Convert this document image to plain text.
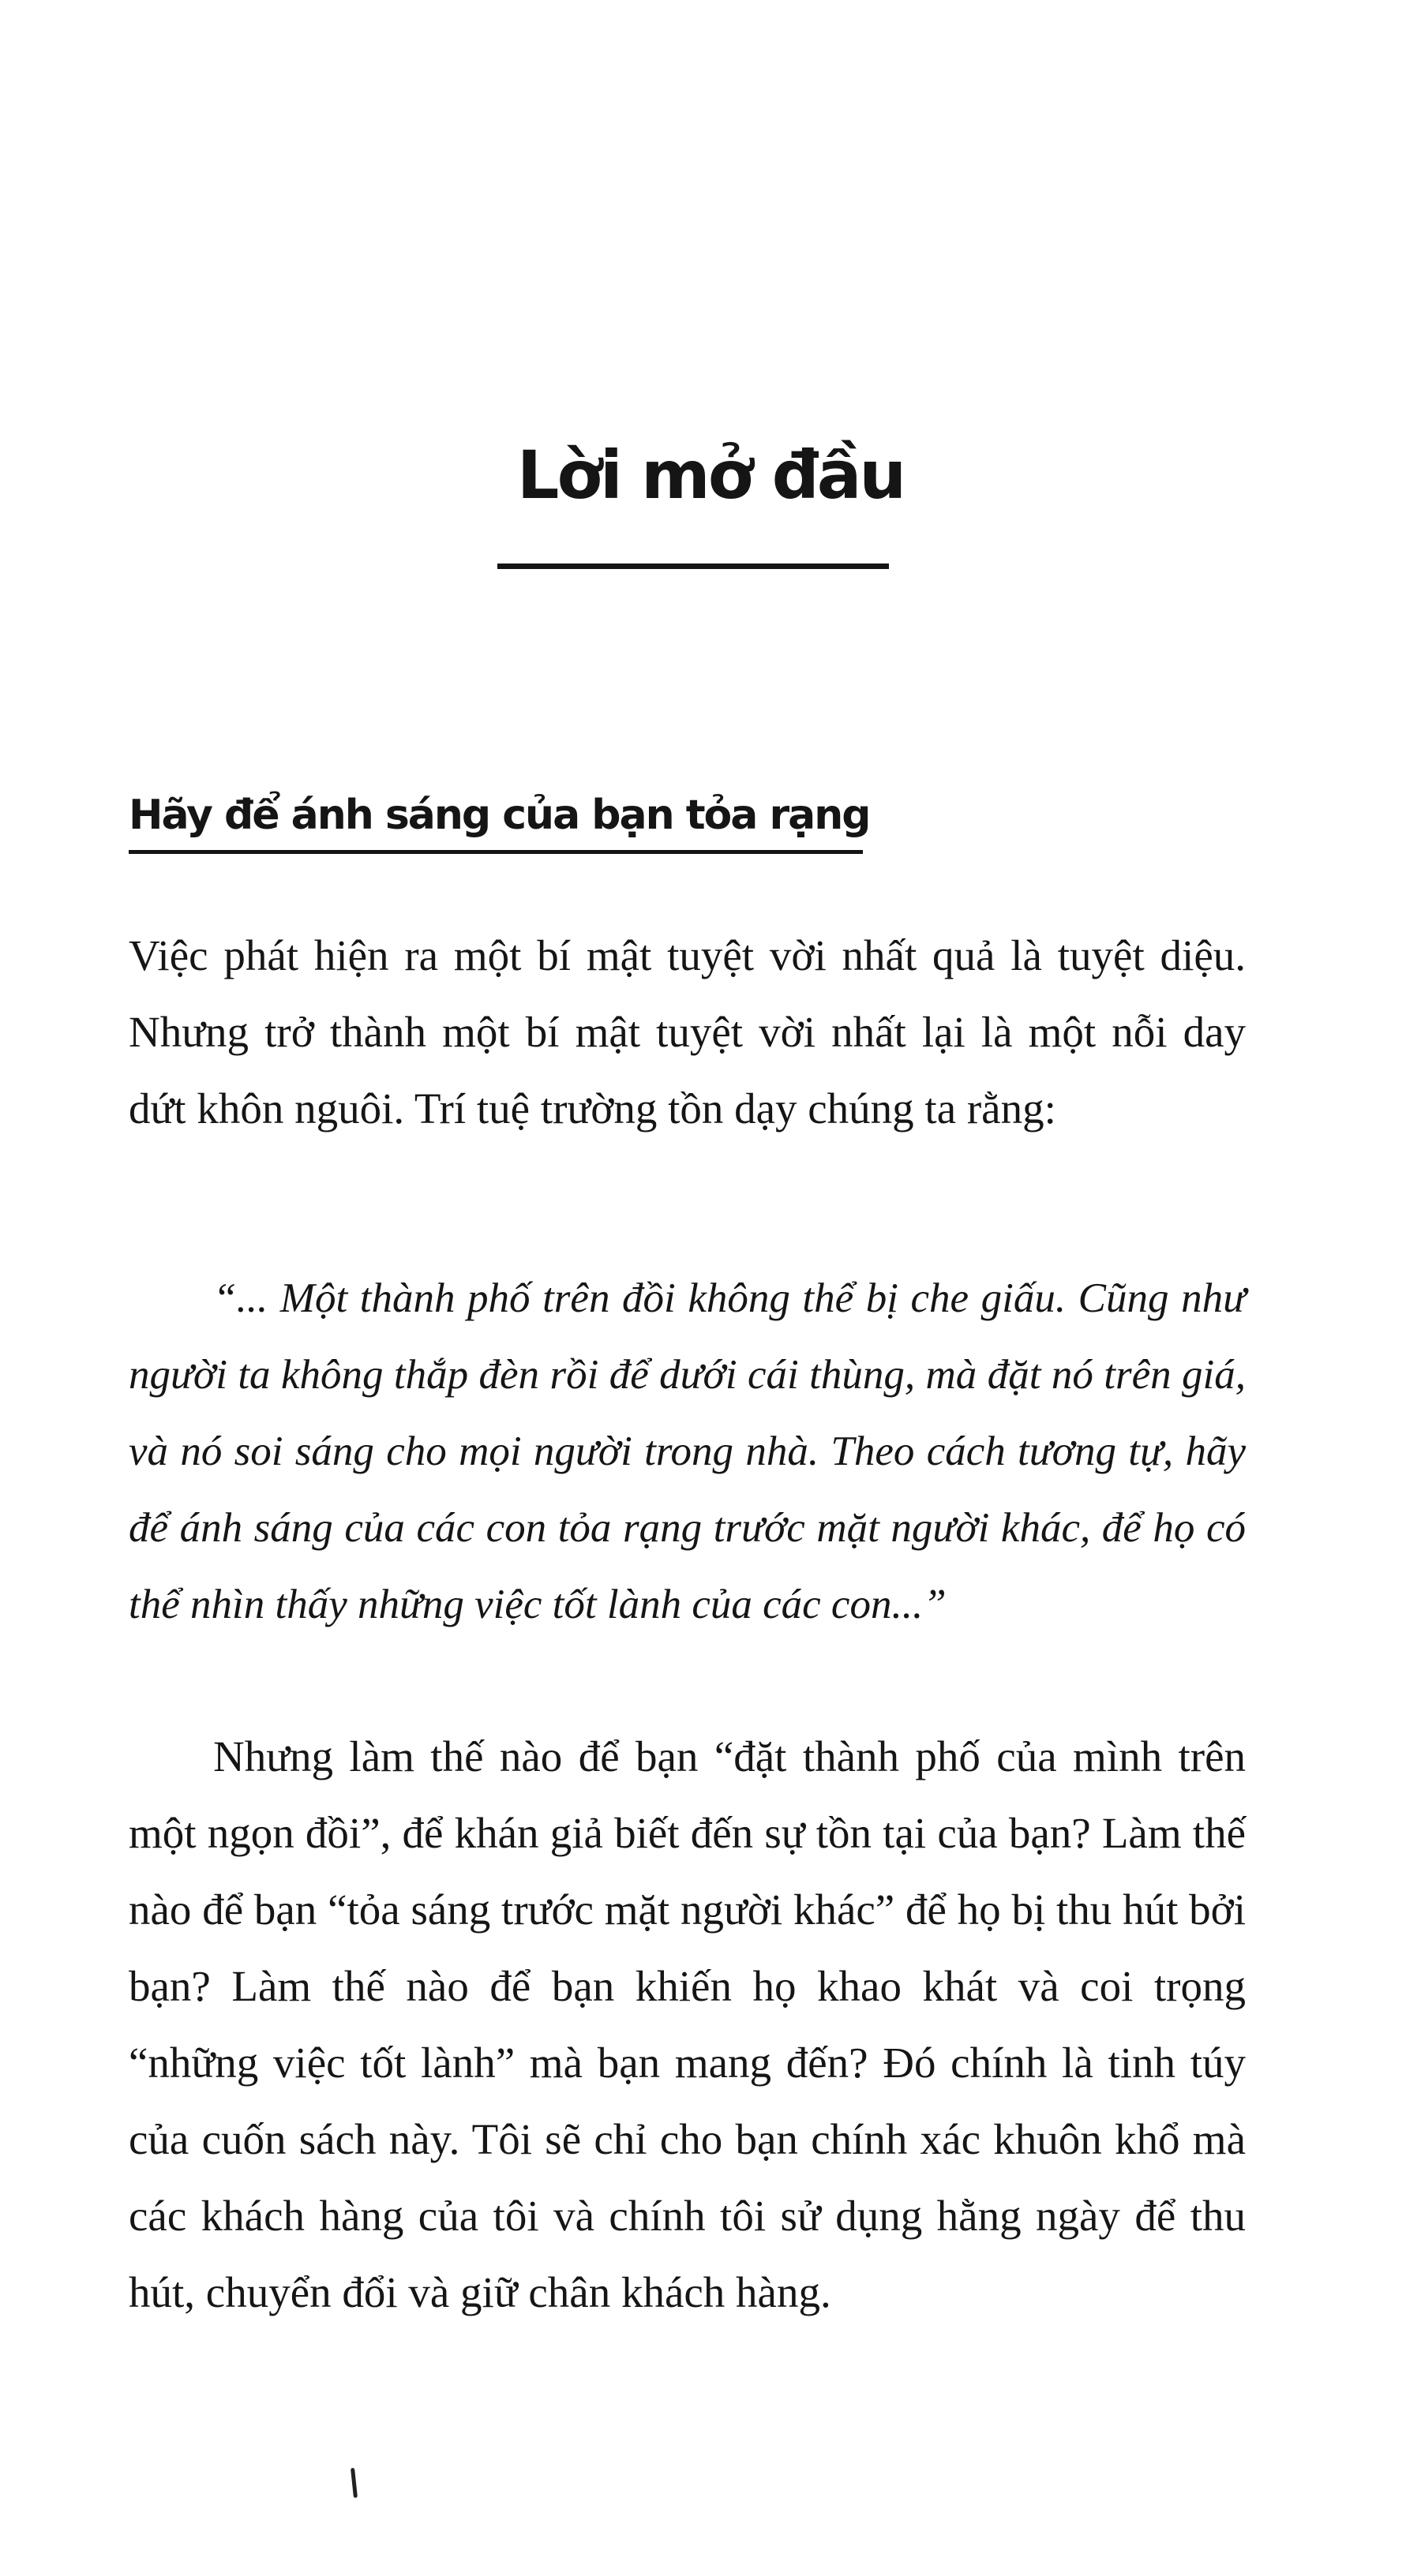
Lời mở đầu
Hãy để ánh sáng của bạn tỏa rạng

Việc phát hiện ra một bí mật tuyệt vời nhất quả là tuyệt diệu. Nhưng trở thành một bí mật tuyệt vời nhất lại là một nỗi day dứt khôn nguôi. Trí tuệ trường tồn dạy chúng ta rằng:

“... Một thành phố trên đồi không thể bị che giấu. Cũng như người ta không thắp đèn rồi để dưới cái thùng, mà đặt nó trên giá, và nó soi sáng cho mọi người trong nhà. Theo cách tương tự, hãy để ánh sáng của các con tỏa rạng trước mặt người khác, để họ có thể nhìn thấy những việc tốt lành của các con...”

Nhưng làm thế nào để bạn “đặt thành phố của mình trên một ngọn đồi”, để khán giả biết đến sự tồn tại của bạn? Làm thế nào để bạn “tỏa sáng trước mặt người khác” để họ bị thu hút bởi bạn? Làm thế nào để bạn khiến họ khao khát và coi trọng “những việc tốt lành” mà bạn mang đến? Đó chính là tinh túy của cuốn sách này. Tôi sẽ chỉ cho bạn chính xác khuôn khổ mà các khách hàng của tôi và chính tôi sử dụng hằng ngày để thu hút, chuyển đổi và giữ chân khách hàng.
